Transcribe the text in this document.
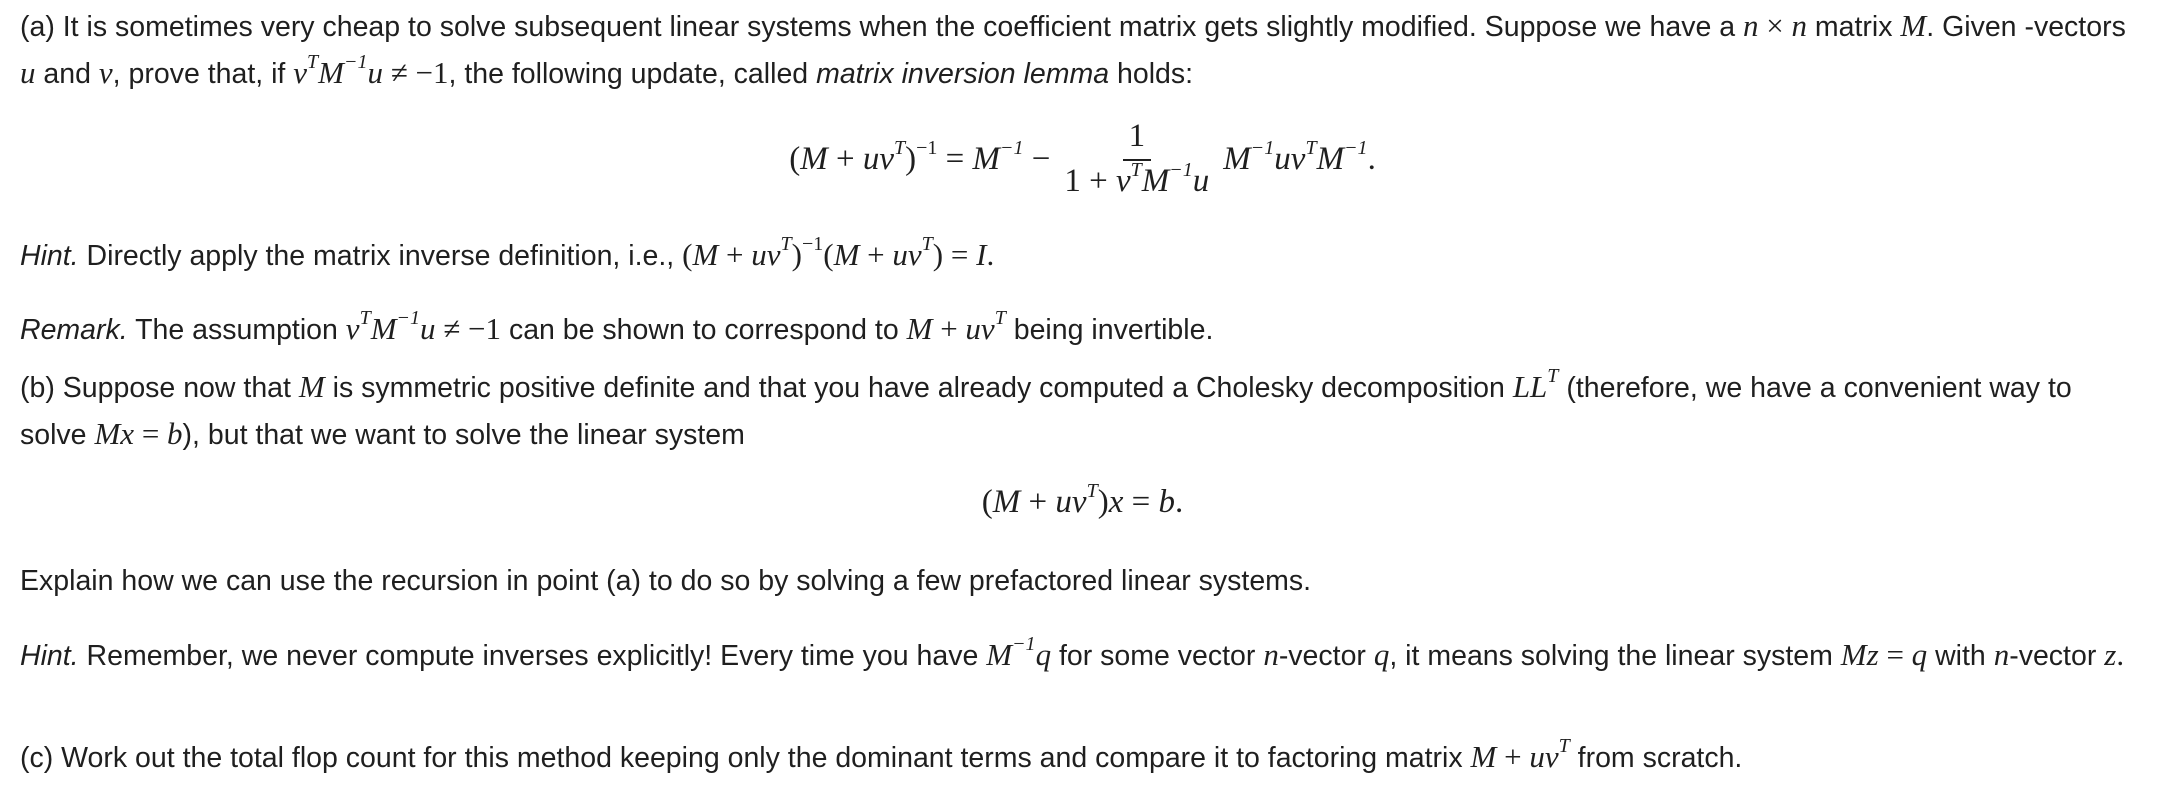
(a) It is sometimes very cheap to solve subsequent linear systems when the coefficient matrix gets slightly modified. Suppose we have a n × n matrix M. Given -vectors
u and v, prove that, if $v^TM^{-1}u \ne -1$, the following update, called matrix inversion lemma holds:

( $M + uv^T$ )$^{-1} = M^{-1} - \frac{1}{1 + v^TM^{-1}u} M^{-1}uv^TM^{-1}$ .

Hint. Directly apply the matrix inverse definition, i.e., $(M + uv^T)^{-1}(M + uv^T) = I$.

Remark. The assumption $v^TM^{-1}u \ne -1$ can be shown to correspond to $M + uv^T$ being invertible.

(b) Suppose now that M is symmetric positive definite and that you have already computed a Cholesky decomposition $LL^T$ (therefore, we have a convenient way to solve Mx = b), but that we want to solve the linear system

( $M + uv^T$ ) x = b .

Explain how we can use the recursion in point (a) to do so by solving a few prefactored linear systems.

Hint. Remember, we never compute inverses explicitly! Every time you have $M^{-1}q$ for some vector n-vector q, it means solving the linear system Mz = q with n-vector z.

(c) Work out the total flop count for this method keeping only the dominant terms and compare it to factoring matrix $M + uv^T$ from scratch.
